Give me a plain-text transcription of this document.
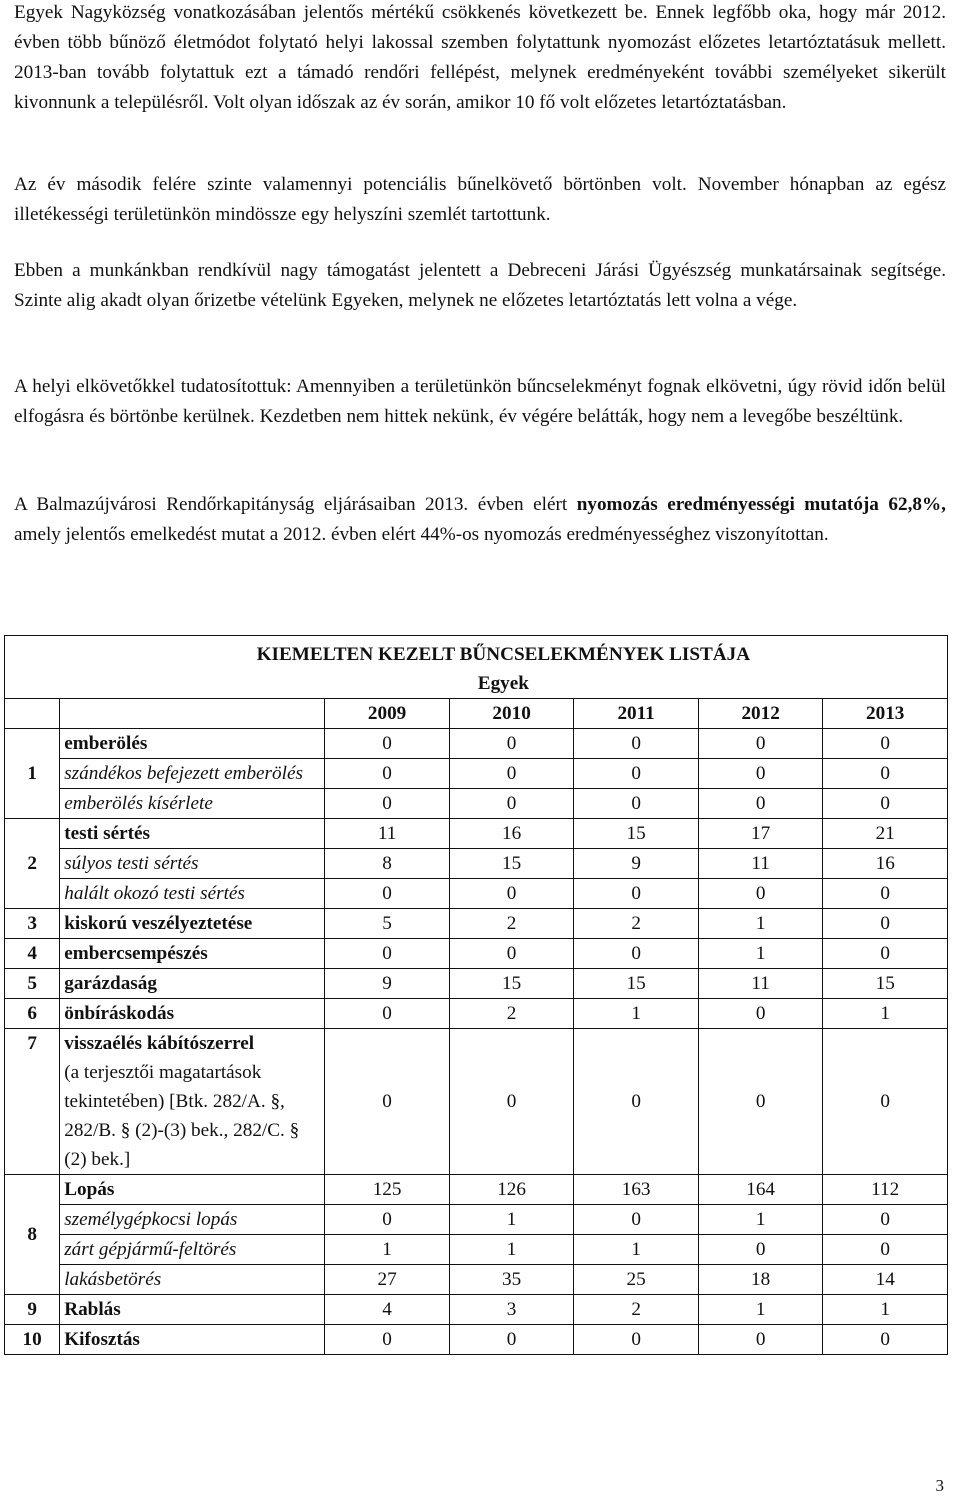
Egyek Nagyközség vonatkozásában jelentős mértékű csökkenés következett be. Ennek legfőbb oka, hogy már 2012. évben több bűnöző életmódot folytató helyi lakossal szemben folytattunk nyomozást előzetes letartóztatásuk mellett. 2013-ban tovább folytattuk ezt a támadó rendőri fellépést, melynek eredményeként további személyeket sikerült kivonnunk a településről. Volt olyan időszak az év során, amikor 10 fő volt előzetes letartóztatásban.

Az év második felére szinte valamennyi potenciális bűnelkövető börtönben volt. November hónapban az egész illetékességi területünkön mindössze egy helyszíni szemlét tartottunk.

Ebben a munkánkban rendkívül nagy támogatást jelentett a Debreceni Járási Ügyészség munkatársainak segítsége. Szinte alig akadt olyan őrizetbe vételünk Egyeken, melynek ne előzetes letartóztatás lett volna a vége.

A helyi elkövetőkkel tudatosítottuk: Amennyiben a területünkön bűncselekményt fognak elkövetni, úgy rövid időn belül elfogásra és börtönbe kerülnek. Kezdetben nem hittek nekünk, év végére belátták, hogy nem a levegőbe beszéltünk.

A Balmazújvárosi Rendőrkapitányság eljárásaiban 2013. évben elért nyomozás eredményességi mutatója 62,8%, amely jelentős emelkedést mutat a 2012. évben elért 44%-os nyomozás eredményességhez viszonyítottan.

	KIEMELTEN KEZELT BŰNCSELEKMÉNYEK LISTÁJA
Egyek					

		2009	2010	2011	2012	2013
1	emberölés	0	0	0	0	0
	szándékos befejezett emberölés	0	0	0	0	0
	emberölés kísérlete	0	0	0	0	0
2	testi sértés	11	16	15	17	21
	súlyos testi sértés	8	15	9	11	16
	halált okozó testi sértés	0	0	0	0	0
3	kiskorú veszélyeztetése	5	2	2	1	0
4	embercsempészés	0	0	0	1	0
5	garázdaság	9	15	15	11	15
6	önbíráskodás	0	2	1	0	1
7	visszaélés kábítószerrel
(a terjesztői magatartások tekintetében) [Btk. 282/A. §, 282/B. § (2)-(3) bek., 282/C. § (2) bek.]	0	0	0	0	0
8	Lopás	125	126	163	164	112
	személygépkocsi lopás	0	1	0	1	0
	zárt gépjármű-feltörés	1	1	1	0	0
	lakásbetörés	27	35	25	18	14
9	Rablás	4	3	2	1	1
10	Kifosztás	0	0	0	0	0
3
